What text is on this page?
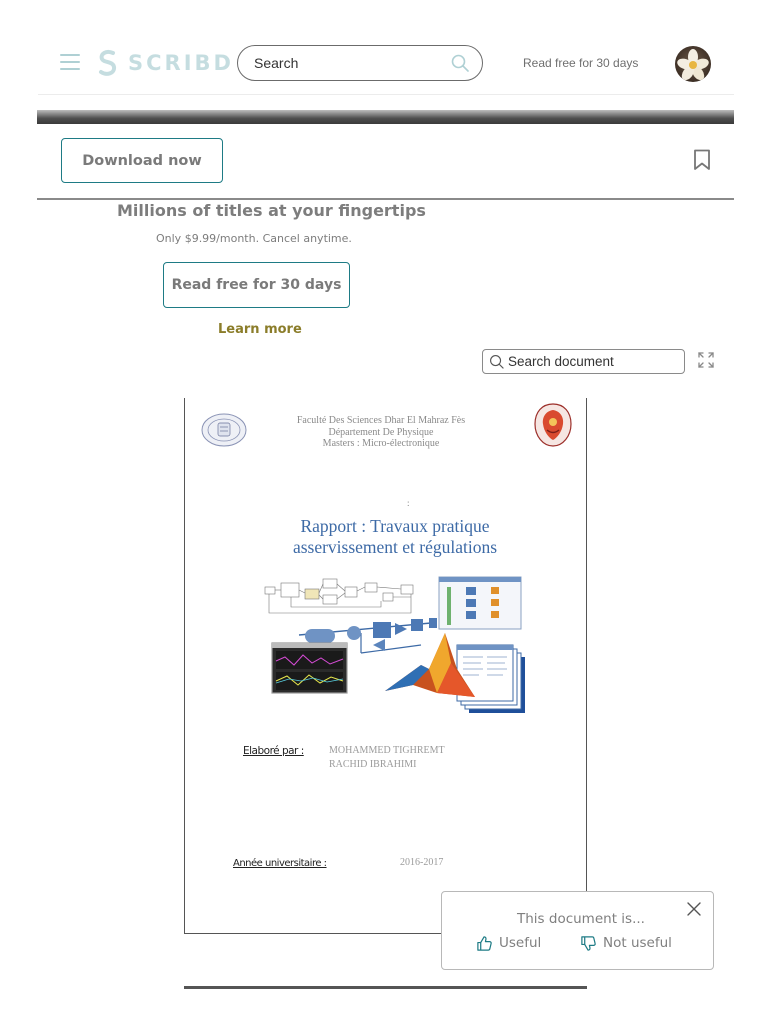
SCRIBD
Search	Read free for 30 days
Download now
Millions of titles at your fingertips
Only $9.99/month. Cancel anytime.
Read free for 30 days
Learn more
Search document
Faculté Des Sciences Dhar El Mahraz Fès
Département De Physique
Masters : Micro-électronique
:
Rapport : Travaux pratique
asservissement et régulations
Elaboré par :	MOHAMMED TIGHREMT
RACHID IBRAHIMI
Année universitaire :	2016-2017
This document is...
Useful	Not useful
